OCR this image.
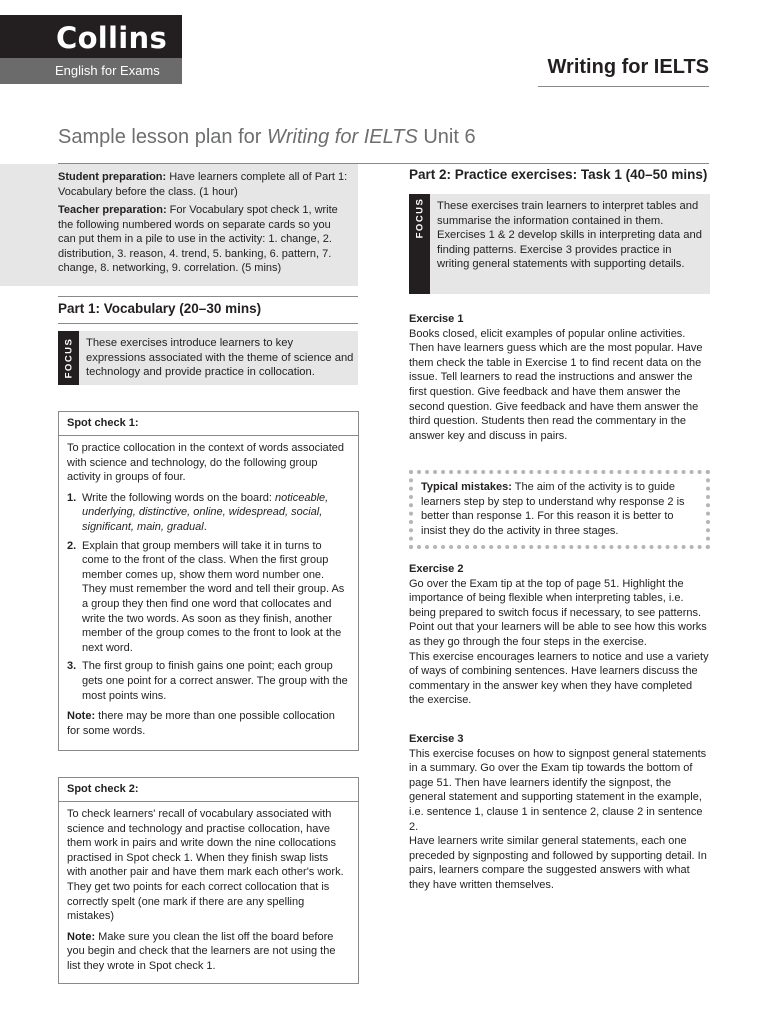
Collins
English for Exams	Writing for IELTS
Sample lesson plan for Writing for IELTS Unit 6

Student preparation: Have learners complete all of Part 1: Vocabulary before the class. (1 hour)

Teacher preparation: For Vocabulary spot check 1, write the following numbered words on separate cards so you can put them in a pile to use in the activity: 1. change, 2. distribution, 3. reason, 4. trend, 5. banking, 6. pattern, 7. change, 8. networking, 9. correlation. (5 mins)

Part 1: Vocabulary (20–30 mins)
FOCUS	These exercises introduce learners to key expressions associated with the theme of science and technology and provide practice in collocation.
Spot check 1:

To practice collocation in the context of words associated with science and technology, do the following group activity in groups of four.

1. Write the following words on the board: noticeable, underlying, distinctive, online, widespread, social, significant, main, gradual.
2. Explain that group members will take it in turns to come to the front of the class. When the first group member comes up, show them word number one. They must remember the word and tell their group. As a group they then find one word that collocates and write the two words. As soon as they finish, another member of the group comes to the front to look at the next word.
3. The first group to finish gains one point; each group gets one point for a correct answer. The group with the most points wins.

Note: there may be more than one possible collocation for some words.

Spot check 2:

To check learners' recall of vocabulary associated with science and technology and practise collocation, have them work in pairs and write down the nine collocations practised in Spot check 1. When they finish swap lists with another pair and have them mark each other's work. They get two points for each correct collocation that is correctly spelt (one mark if there are any spelling mistakes)

Note: Make sure you clean the list off the board before you begin and check that the learners are not using the list they wrote in Spot check 1.

Part 2: Practice exercises: Task 1 (40–50 mins)
FOCUS	These exercises train learners to interpret tables and summarise the information contained in them. Exercises 1 & 2 develop skills in interpreting data and finding patterns. Exercise 3 provides practice in writing general statements with supporting details.
Exercise 1
Books closed, elicit examples of popular online activities. Then have learners guess which are the most popular. Have them check the table in Exercise 1 to find recent data on the issue. Tell learners to read the instructions and answer the first question. Give feedback and have them answer the second question. Give feedback and have them answer the third question. Students then read the commentary in the answer key and discuss in pairs.
Typical mistakes: The aim of the activity is to guide learners step by step to understand why response 2 is better than response 1. For this reason it is better to insist they do the activity in three stages.
Exercise 2
Go over the Exam tip at the top of page 51. Highlight the importance of being flexible when interpreting tables, i.e. being prepared to switch focus if necessary, to see patterns. Point out that your learners will be able to see how this works as they go through the four steps in the exercise.
This exercise encourages learners to notice and use a variety of ways of combining sentences. Have learners discuss the commentary in the answer key when they have completed the exercise.
Exercise 3
This exercise focuses on how to signpost general statements in a summary. Go over the Exam tip towards the bottom of page 51. Then have learners identify the signpost, the general statement and supporting statement in the example, i.e. sentence 1, clause 1 in sentence 2, clause 2 in sentence 2.
Have learners write similar general statements, each one preceded by signposting and followed by supporting detail. In pairs, learners compare the suggested answers with what they have written themselves.
